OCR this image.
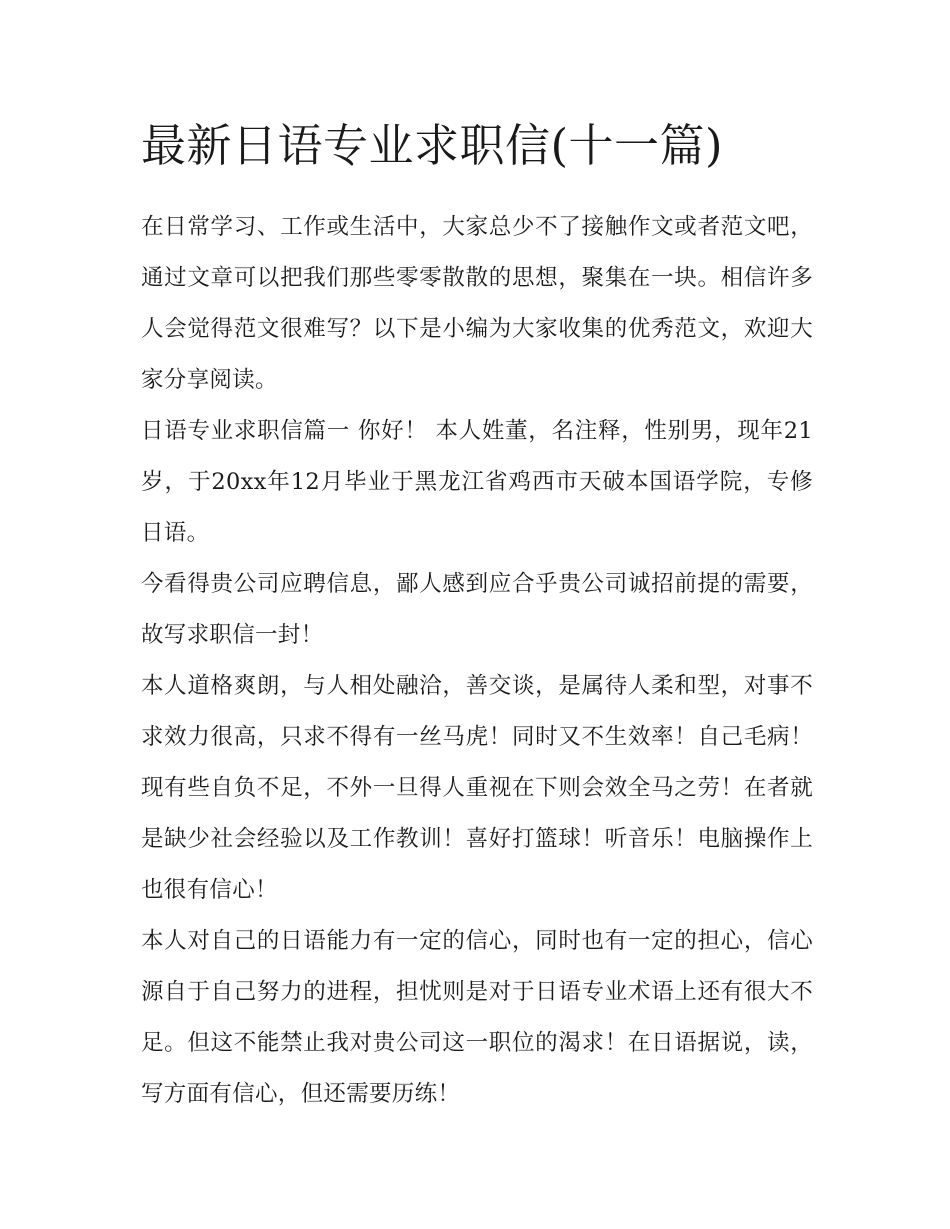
最新日语专业求职信(十一篇)

在日常学习、工作或生活中，大家总少不了接触作文或者范文吧，通过文章可以把我们那些零零散散的思想，聚集在一块。相信许多人会觉得范文很难写？以下是小编为大家收集的优秀范文，欢迎大家分享阅读。

日语专业求职信篇一 你好！ 本人姓董，名注释，性别男，现年21岁，于20xx年12月毕业于黑龙江省鸡西市天破本国语学院，专修日语。

今看得贵公司应聘信息，鄙人感到应合乎贵公司诚招前提的需要，故写求职信一封！

本人道格爽朗，与人相处融洽，善交谈，是属待人柔和型，对事不求效力很高，只求不得有一丝马虎！同时又不生效率！自己毛病！现有些自负不足，不外一旦得人重视在下则会效全马之劳！在者就是缺少社会经验以及工作教训！喜好打篮球！听音乐！电脑操作上也很有信心！

本人对自己的日语能力有一定的信心，同时也有一定的担心，信心源自于自己努力的进程，担忧则是对于日语专业术语上还有很大不足。但这不能禁止我对贵公司这一职位的渴求！在日语据说，读，写方面有信心，但还需要历练！
